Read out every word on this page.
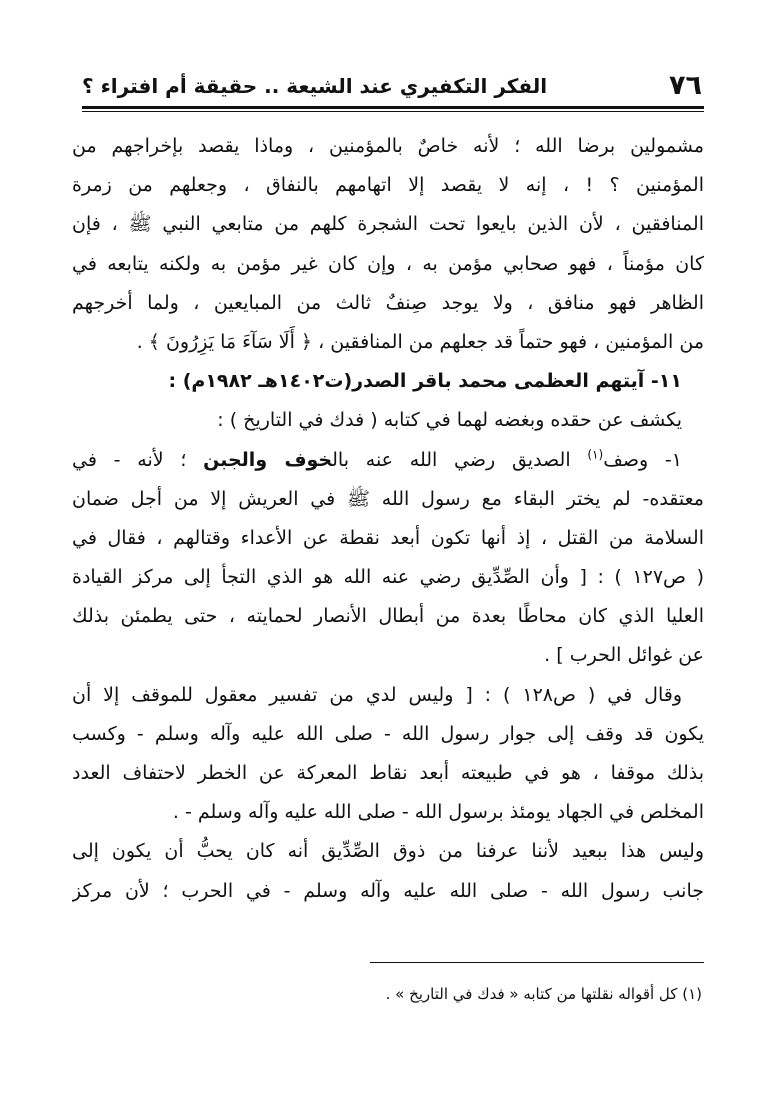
٧٦
الفكر التكفيري عند الشيعة .. حقيقة أم افتراء ؟
مشمولين برضا الله ؛ لأنه خاصٌ بالمؤمنين ، وماذا يقصد بإخراجهم من
المؤمنين ؟ ! ، إنه لا يقصد إلا اتهامهم بالنفاق ، وجعلهم من زمرة
المنافقين ، لأن الذين بايعوا تحت الشجرة كلهم من متابعي النبي ﷺ ، فإن
كان مؤمناً ، فهو صحابي مؤمن به ، وإن كان غير مؤمن به ولكنه يتابعه في
الظاهر فهو منافق ، ولا يوجد صِنفٌ ثالث من المبايعين ، ولما أخرجهم
من المؤمنين ، فهو حتماً قد جعلهم من المنافقين ، ﴿ أَلَا سَآءَ مَا يَزِرُونَ ﴾ .
١١- آيتهم العظمى محمد باقر الصدر(ت١٤٠٢هـ ١٩٨٢م) :
يكشف عن حقده وبغضه لهما في كتابه ( فدك في التاريخ ) :
١- وصف$^{(١)}$ الصديق رضي الله عنه بالخوف والجبن ؛ لأنه - في
معتقده- لم يختر البقاء مع رسول الله ﷺ في العريش إلا من أجل ضمان
السلامة من القتل ، إذ أنها تكون أبعد نقطة عن الأعداء وقتالهم ، فقال في
( ص١٢٧ ) : [ وأن الصِّدِّيق رضي عنه الله هو الذي التجأ إلى مركز القيادة
العليا الذي كان محاطًا بعدة من أبطال الأنصار لحمايته ، حتى يطمئن بذلك
عن غوائل الحرب ] .
وقال في ( ص١٢٨ ) : [ وليس لدي من تفسير معقول للموقف إلا أن
يكون قد وقف إلى جوار رسول الله - صلى الله عليه وآله وسلم - وكسب
بذلك موقفا ، هو في طبيعته أبعد نقاط المعركة عن الخطر لاحتفاف العدد
المخلص في الجهاد يومئذ برسول الله - صلى الله عليه وآله وسلم - .
وليس هذا ببعيد لأننا عرفنا من ذوق الصِّدِّيق أنه كان يحبُّ أن يكون إلى
جانب رسول الله - صلى الله عليه وآله وسلم - في الحرب ؛ لأن مركز
(١) كل أقواله نقلتها من كتابه « فدك في التاريخ » .
